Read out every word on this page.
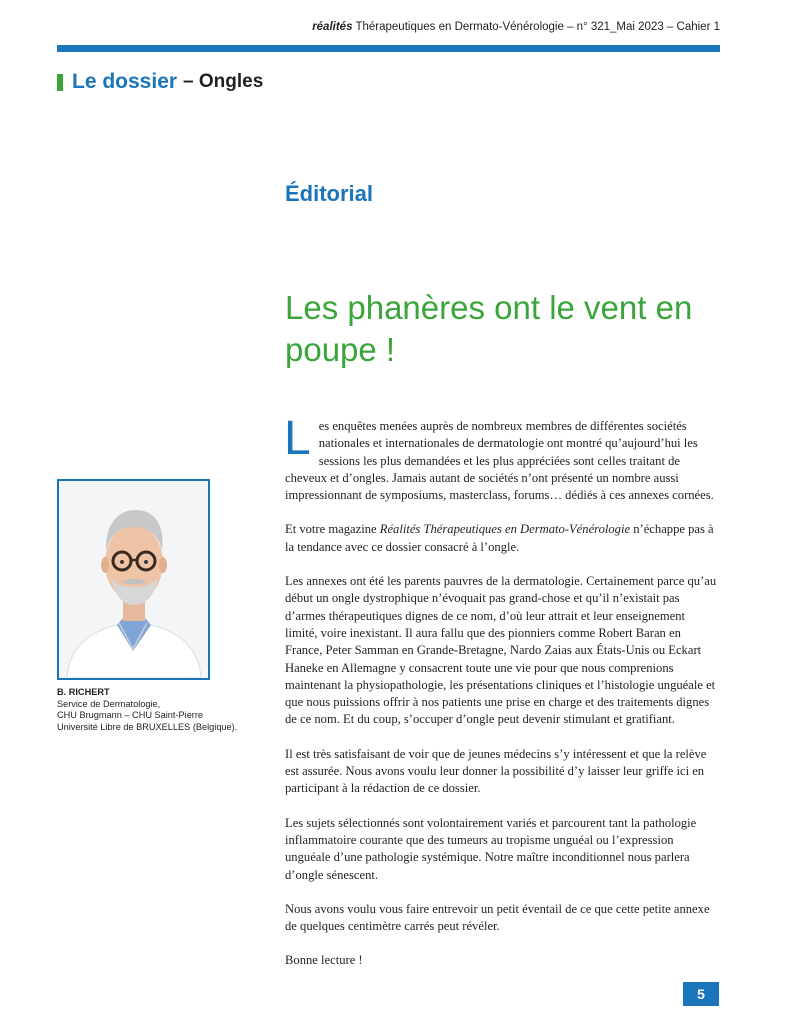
réalités Thérapeutiques en Dermato-Vénérologie – n° 321_Mai 2023 – Cahier 1
Le dossier – Ongles
Éditorial
Les phanères ont le vent en poupe !

Les enquêtes menées auprès de nombreux membres de différentes sociétés nationales et internationales de dermatologie ont montré qu’aujourd’hui les sessions les plus demandées et les plus appréciées sont celles traitant de cheveux et d’ongles. Jamais autant de sociétés n’ont présenté un nombre aussi impressionnant de symposiums, masterclass, forums… dédiés à ces annexes cornées.

Et votre magazine Réalités Thérapeutiques en Dermato-Vénérologie n’échappe pas à la tendance avec ce dossier consacré à l’ongle.

Les annexes ont été les parents pauvres de la dermatologie. Certainement parce qu’au début un ongle dystrophique n’évoquait pas grand-chose et qu’il n’existait pas d’armes thérapeutiques dignes de ce nom, d’où leur attrait et leur enseignement limité, voire inexistant. Il aura fallu que des pionniers comme Robert Baran en France, Peter Samman en Grande-Bretagne, Nardo Zaias aux États-Unis ou Eckart Haneke en Allemagne y consacrent toute une vie pour que nous comprenions maintenant la physiopathologie, les présentations cliniques et l’histologie unguéale et que nous puissions offrir à nos patients une prise en charge et des traitements dignes de ce nom. Et du coup, s’occuper d’ongle peut devenir stimulant et gratifiant.

Il est très satisfaisant de voir que de jeunes médecins s’y intéressent et que la relève est assurée. Nous avons voulu leur donner la possibilité d’y laisser leur griffe ici en participant à la rédaction de ce dossier.

Les sujets sélectionnés sont volontairement variés et parcourent tant la pathologie inflammatoire courante que des tumeurs au tropisme unguéal ou l’expression unguéale d’une pathologie systémique. Notre maître inconditionnel nous parlera d’ongle sénescent.

Nous avons voulu vous faire entrevoir un petit éventail de ce que cette petite annexe de quelques centimètre carrés peut révéler.

Bonne lecture !

B. RICHERT
Service de Dermatologie,
CHU Brugmann – CHU Saint-Pierre
Université Libre de BRUXELLES (Belgique).
5
